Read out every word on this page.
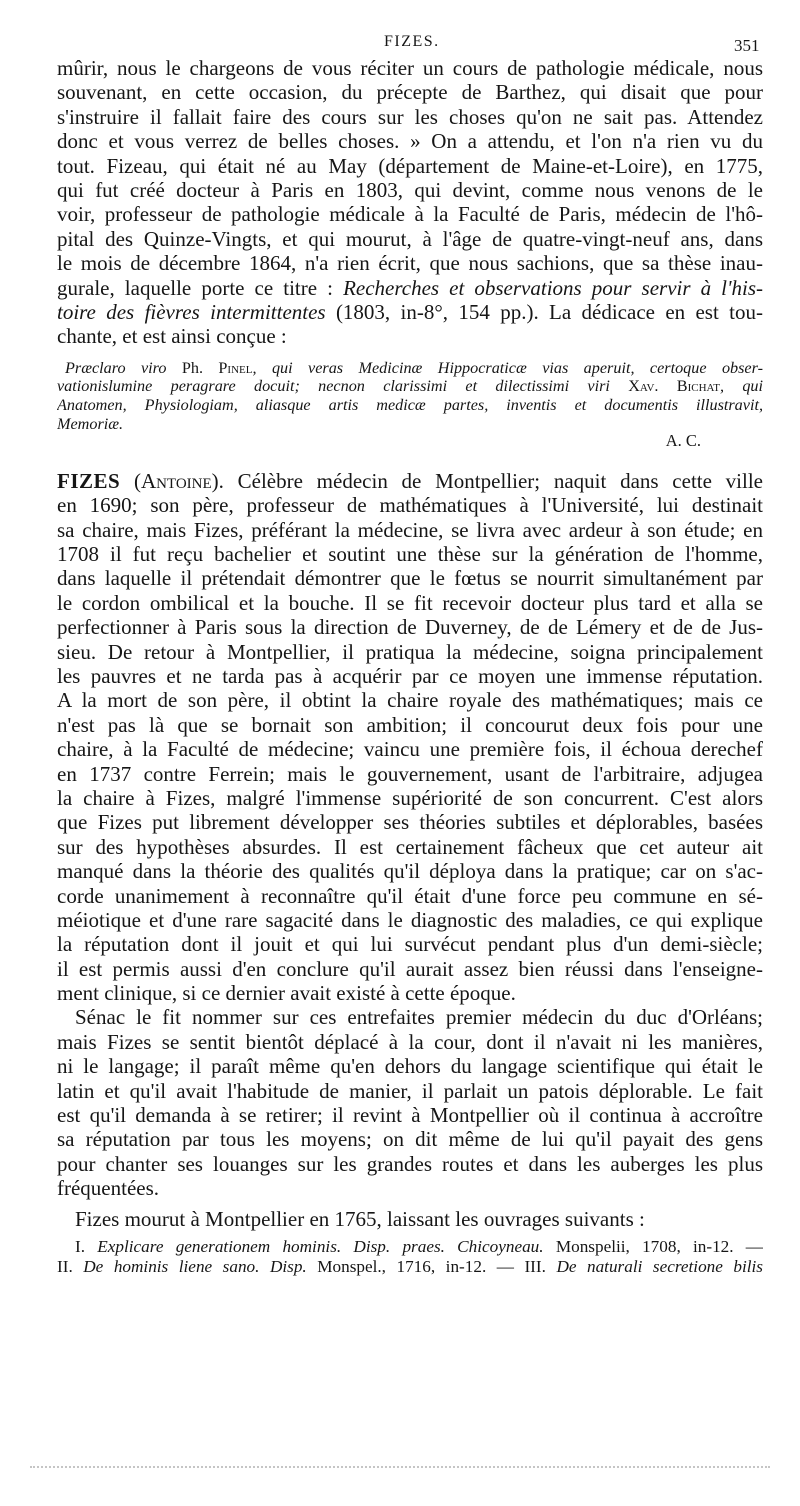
FIZES.	351
mûrir, nous le chargeons de vous réciter un cours de pathologie médicale, nous
souvenant, en cette occasion, du précepte de Barthez, qui disait que pour
s'instruire il fallait faire des cours sur les choses qu'on ne sait pas. Attendez
donc et vous verrez de belles choses. » On a attendu, et l'on n'a rien vu du
tout. Fizeau, qui était né au May (département de Maine-et-Loire), en 1775,
qui fut créé docteur à Paris en 1803, qui devint, comme nous venons de le
voir, professeur de pathologie médicale à la Faculté de Paris, médecin de l'hô-
pital des Quinze-Vingts, et qui mourut, à l'âge de quatre-vingt-neuf ans, dans
le mois de décembre 1864, n'a rien écrit, que nous sachions, que sa thèse inau-
gurale, laquelle porte ce titre : Recherches et observations pour servir à l'his-
toire des fièvres intermittentes (1803, in-8°, 154 pp.). La dédicace en est tou-
chante, et est ainsi conçue :
Præclaro viro Ph. Pinel, qui veras Medicinæ Hippocraticæ vias aperuit, certoque obser-
vationislumine peragrare docuit; necnon clarissimi et dilectissimi viri Xav. Bichat, qui
Anatomen, Physiologiam, aliasque artis medicæ partes, inventis et documentis illustravit,
Memoriæ.
A. C.
FIZES (Antoine). Célèbre médecin de Montpellier; naquit dans cette ville
en 1690; son père, professeur de mathématiques à l'Université, lui destinait
sa chaire, mais Fizes, préférant la médecine, se livra avec ardeur à son étude; en
1708 il fut reçu bachelier et soutint une thèse sur la génération de l'homme,
dans laquelle il prétendait démontrer que le fœtus se nourrit simultanément par
le cordon ombilical et la bouche. Il se fit recevoir docteur plus tard et alla se
perfectionner à Paris sous la direction de Duverney, de de Lémery et de de Jus-
sieu. De retour à Montpellier, il pratiqua la médecine, soigna principalement
les pauvres et ne tarda pas à acquérir par ce moyen une immense réputation.
A la mort de son père, il obtint la chaire royale des mathématiques; mais ce
n'est pas là que se bornait son ambition; il concourut deux fois pour une
chaire, à la Faculté de médecine; vaincu une première fois, il échoua derechef
en 1737 contre Ferrein; mais le gouvernement, usant de l'arbitraire, adjugea
la chaire à Fizes, malgré l'immense supériorité de son concurrent. C'est alors
que Fizes put librement développer ses théories subtiles et déplorables, basées
sur des hypothèses absurdes. Il est certainement fâcheux que cet auteur ait
manqué dans la théorie des qualités qu'il déploya dans la pratique; car on s'ac-
corde unanimement à reconnaître qu'il était d'une force peu commune en sé-
méiotique et d'une rare sagacité dans le diagnostic des maladies, ce qui explique
la réputation dont il jouit et qui lui survécut pendant plus d'un demi-siècle;
il est permis aussi d'en conclure qu'il aurait assez bien réussi dans l'enseigne-
ment clinique, si ce dernier avait existé à cette époque.
Sénac le fit nommer sur ces entrefaites premier médecin du duc d'Orléans;
mais Fizes se sentit bientôt déplacé à la cour, dont il n'avait ni les manières,
ni le langage; il paraît même qu'en dehors du langage scientifique qui était le
latin et qu'il avait l'habitude de manier, il parlait un patois déplorable. Le fait
est qu'il demanda à se retirer; il revint à Montpellier où il continua à accroître
sa réputation par tous les moyens; on dit même de lui qu'il payait des gens
pour chanter ses louanges sur les grandes routes et dans les auberges les plus
fréquentées.
Fizes mourut à Montpellier en 1765, laissant les ouvrages suivants :
I. Explicare generationem hominis. Disp. praes. Chicoyneau. Monspelii, 1708, in-12. —
II. De hominis liene sano. Disp. Monspel., 1716, in-12. — III. De naturali secretione bilis
